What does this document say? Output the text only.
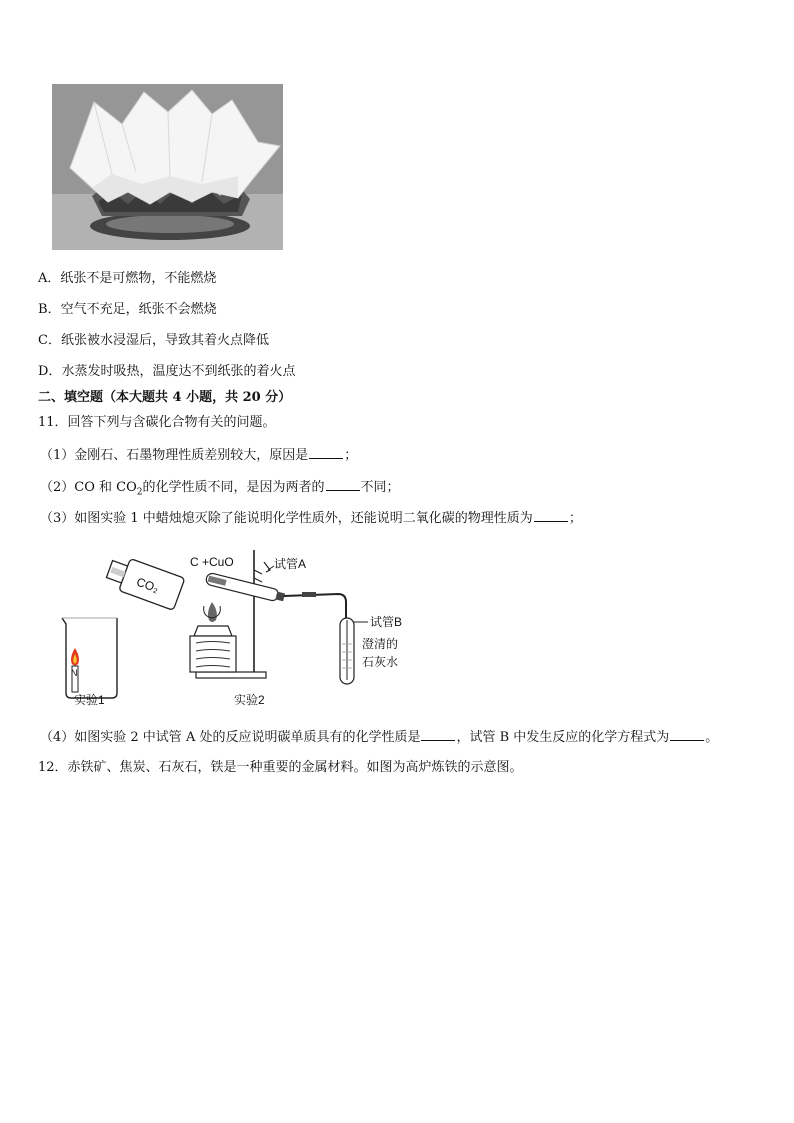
A．纸张不是可燃物，不能燃烧
B．空气不充足，纸张不会燃烧
C．纸张被水浸湿后，导致其着火点降低
D．水蒸发时吸热，温度达不到纸张的着火点
二、填空题（本大题共 4 小题，共 20 分）
11．回答下列与含碳化合物有关的问题。
（1）金刚石、石墨物理性质差别较大，原因是	；
（2）CO 和 $CO_2$的化学性质不同，是因为两者的	不同；
（3）如图实验 1 中蜡烛熄灭除了能说明化学性质外，还能说明二氧化碳的物理性质为	；
N
CO₂
实验1
C +CuO	试管A
试管B
澄清的
石灰水
实验2
（4）如图实验 2 中试管 A 处的反应说明碳单质具有的化学性质是	，试管 B 中发生反应的化学方程式为	。
12．赤铁矿、焦炭、石灰石，铁是一种重要的金属材料。如图为高炉炼铁的示意图。
